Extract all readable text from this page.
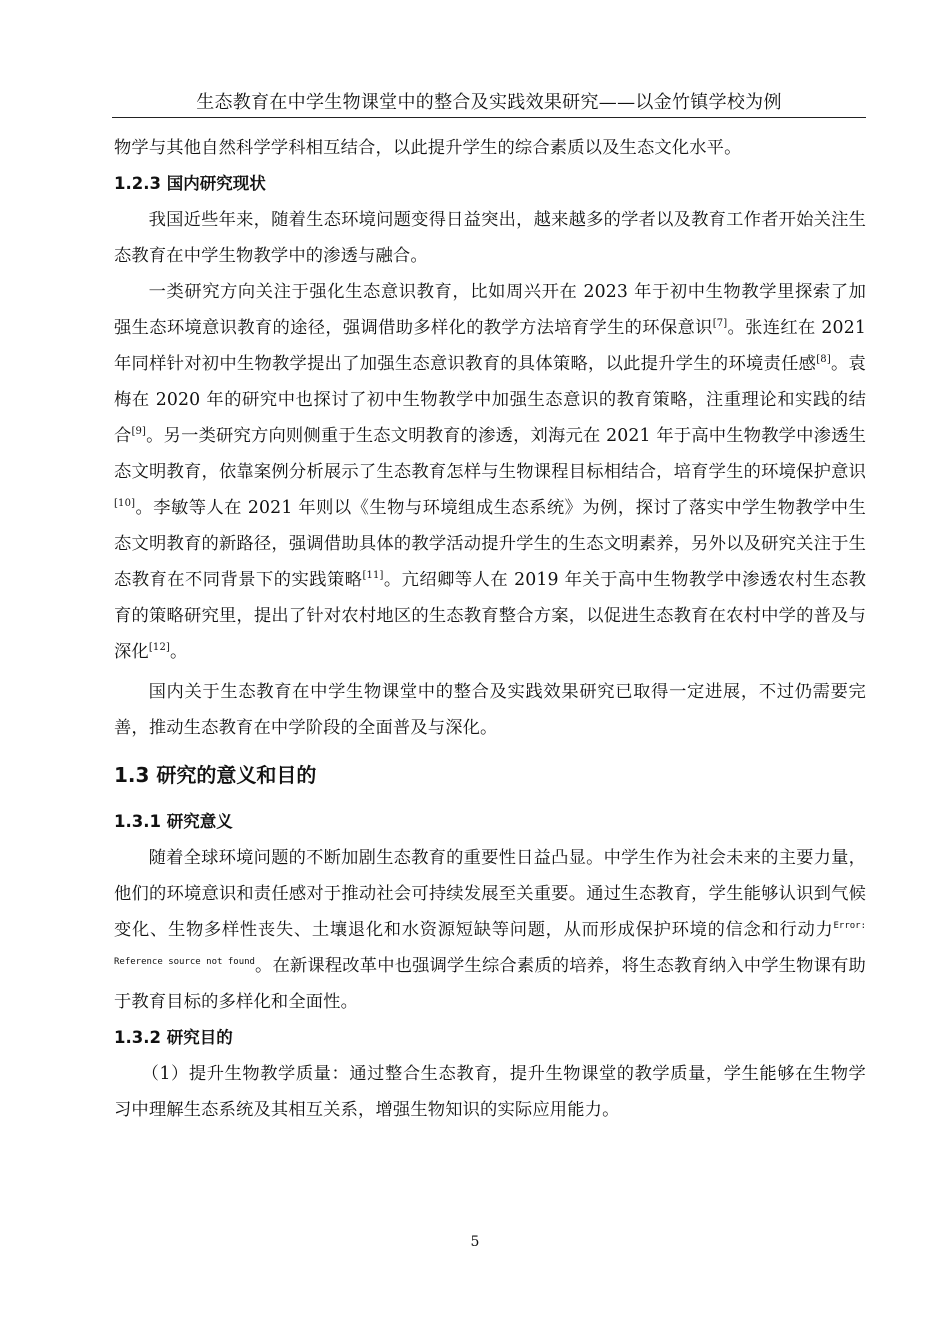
生态教育在中学生物课堂中的整合及实践效果研究——以金竹镇学校为例

物学与其他自然科学学科相互结合，以此提升学生的综合素质以及生态文化水平。

1.2.3 国内研究现状

我国近些年来，随着生态环境问题变得日益突出，越来越多的学者以及教育工作者开始关注生态教育在中学生物教学中的渗透与融合。

一类研究方向关注于强化生态意识教育，比如周兴开在 2023 年于初中生物教学里探索了加强生态环境意识教育的途径，强调借助多样化的教学方法培育学生的环保意识[7]。张连红在 2021 年同样针对初中生物教学提出了加强生态意识教育的具体策略，以此提升学生的环境责任感[8]。袁梅在 2020 年的研究中也探讨了初中生物教学中加强生态意识的教育策略，注重理论和实践的结合[9]。另一类研究方向则侧重于生态文明教育的渗透，刘海元在 2021 年于高中生物教学中渗透生态文明教育，依靠案例分析展示了生态教育怎样与生物课程目标相结合，培育学生的环境保护意识[10]。李敏等人在 2021 年则以《生物与环境组成生态系统》为例，探讨了落实中学生物教学中生态文明教育的新路径，强调借助具体的教学活动提升学生的生态文明素养，另外以及研究关注于生态教育在不同背景下的实践策略[11]。亢绍卿等人在 2019 年关于高中生物教学中渗透农村生态教育的策略研究里，提出了针对农村地区的生态教育整合方案，以促进生态教育在农村中学的普及与深化[12]。

国内关于生态教育在中学生物课堂中的整合及实践效果研究已取得一定进展，不过仍需要完善，推动生态教育在中学阶段的全面普及与深化。

1.3 研究的意义和目的
1.3.1 研究意义

随着全球环境问题的不断加剧生态教育的重要性日益凸显。中学生作为社会未来的主要力量，他们的环境意识和责任感对于推动社会可持续发展至关重要。通过生态教育，学生能够认识到气候变化、生物多样性丧失、土壤退化和水资源短缺等问题，从而形成保护环境的信念和行动力$^{Error: Reference source not found}$。在新课程改革中也强调学生综合素质的培养，将生态教育纳入中学生物课有助于教育目标的多样化和全面性。

1.3.2 研究目的

（1）提升生物教学质量：通过整合生态教育，提升生物课堂的教学质量，学生能够在生物学习中理解生态系统及其相互关系，增强生物知识的实际应用能力。

5
